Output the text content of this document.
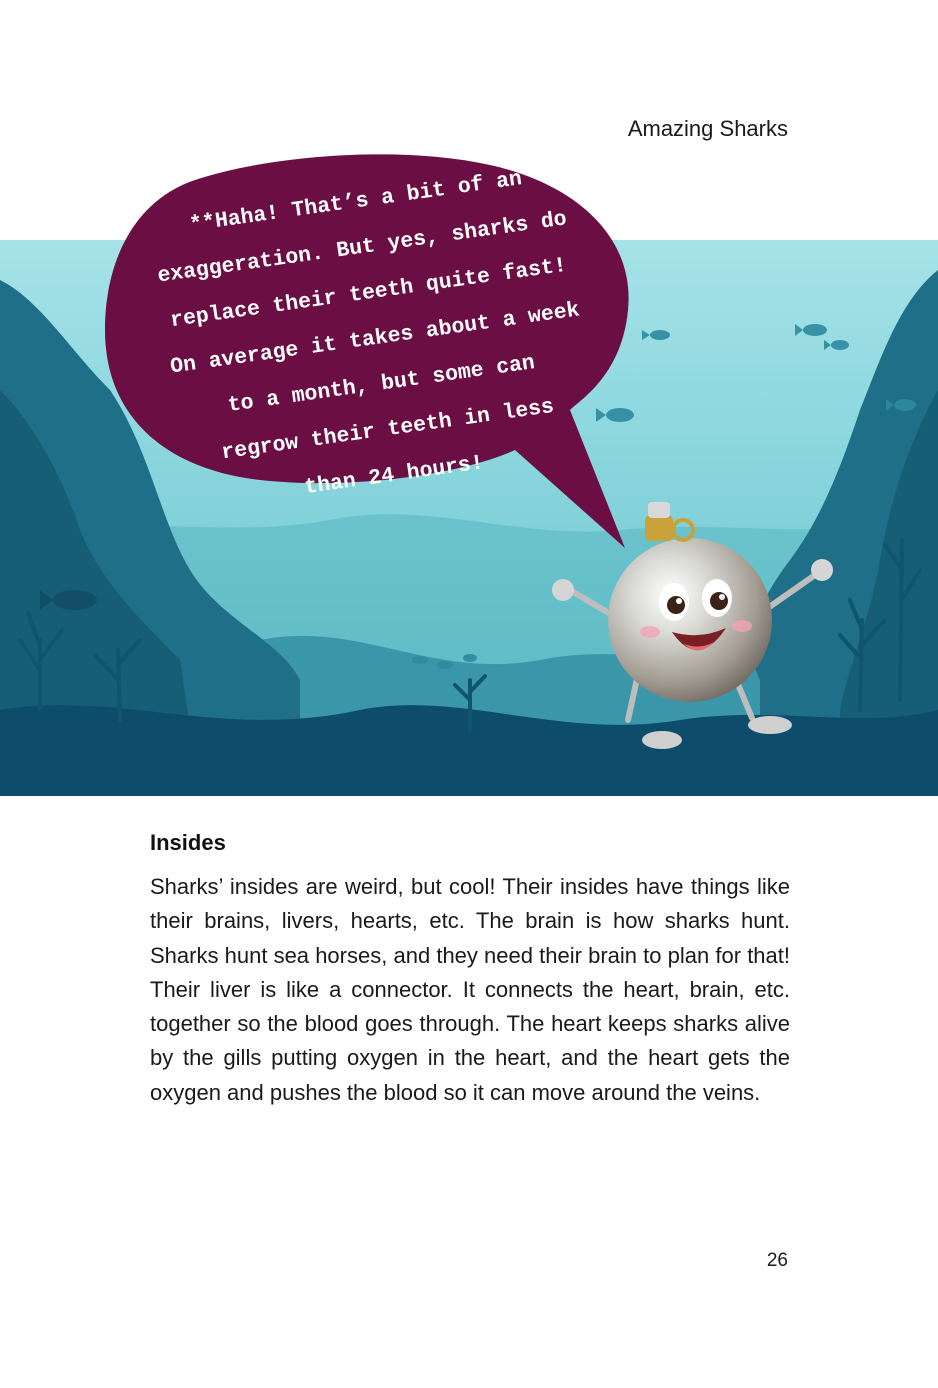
Amazing Sharks
**Haha! That’s a bit of an
exaggeration. But yes, sharks do
replace their teeth quite fast!
On average it takes about a week
to a month, but some can
regrow their teeth in less
than 24 hours!
Insides

Sharks’ insides are weird, but cool! Their insides have things like their brains, livers, hearts, etc. The brain is how sharks hunt. Sharks hunt sea horses, and they need their brain to plan for that! Their liver is like a connector. It connects the heart, brain, etc. together so the blood goes through. The heart keeps sharks alive by the gills putting oxygen in the heart, and the heart gets the oxygen and pushes the blood so it can move around the veins.

26
